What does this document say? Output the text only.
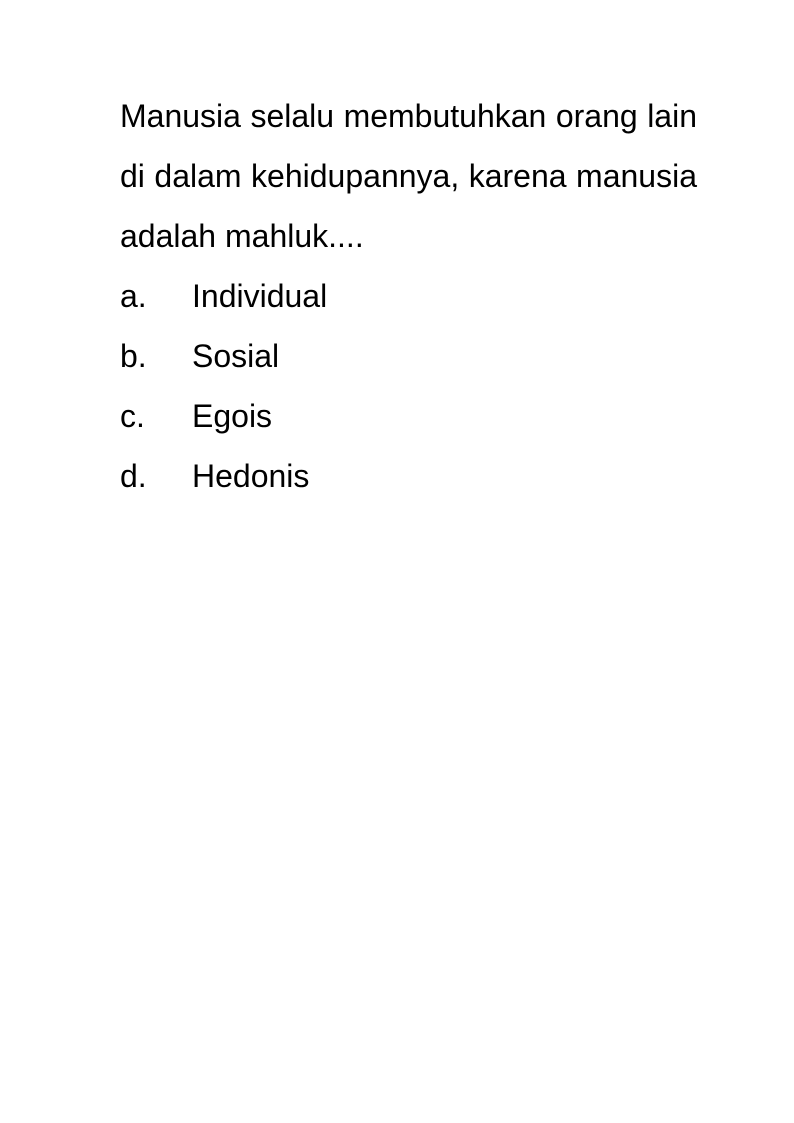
Manusia selalu membutuhkan orang lain di dalam kehidupannya, karena manusia adalah mahluk....

a.	Individual
b.	Sosial
c.	Egois
d.	Hedonis
